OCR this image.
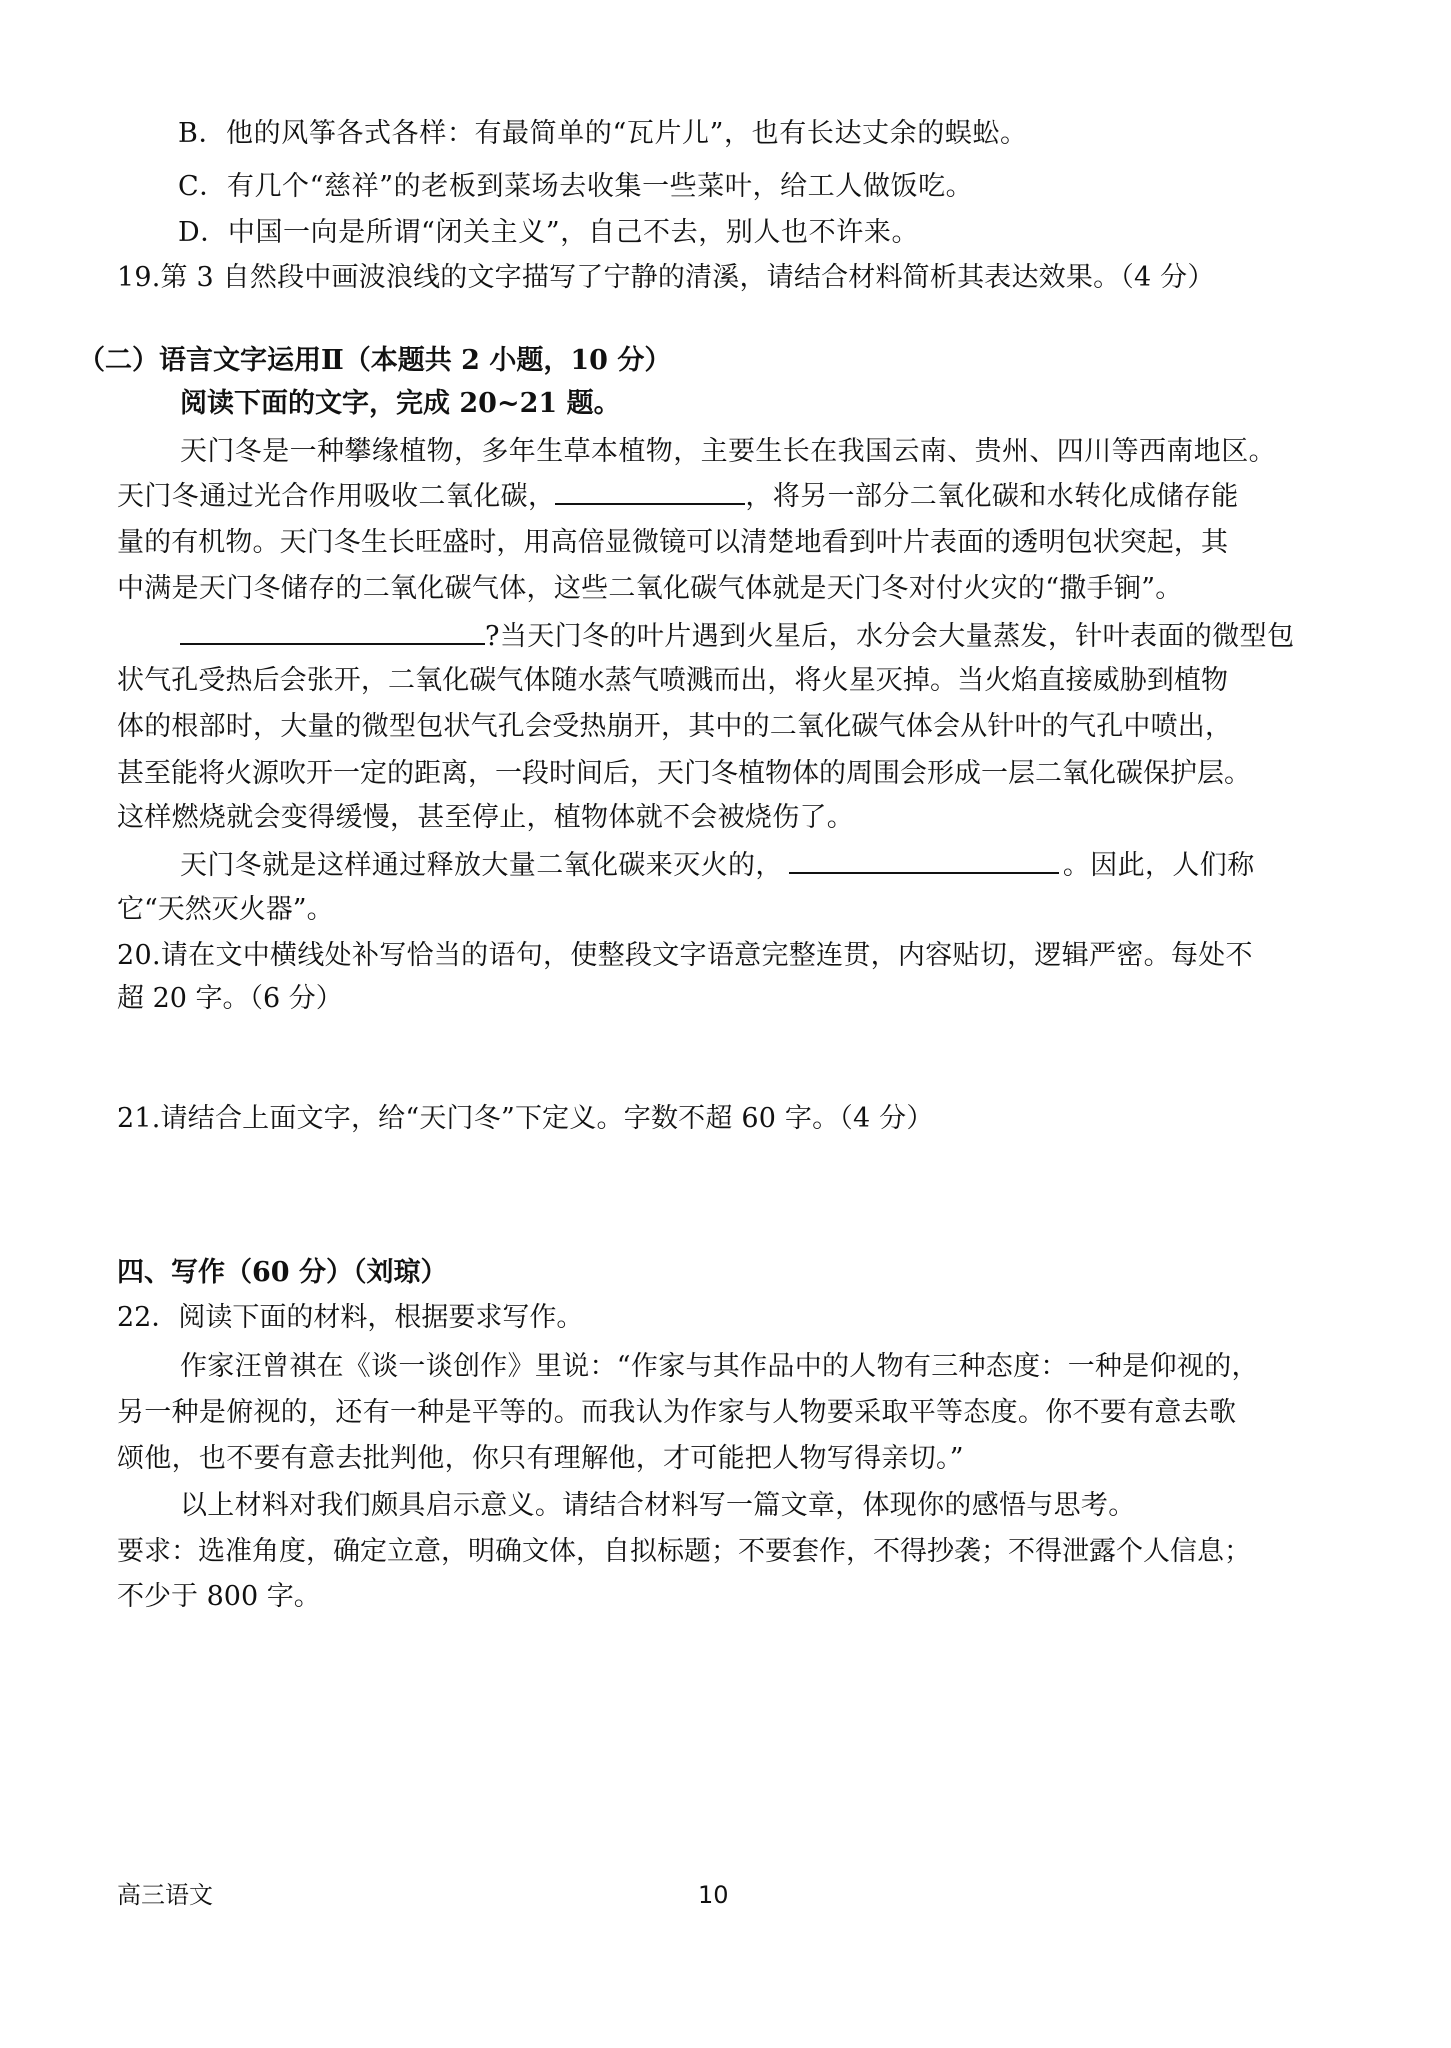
B．他的风筝各式各样：有最简单的“瓦片儿”，也有长达丈余的蜈蚣。
C．有几个“慈祥”的老板到菜场去收集一些菜叶，给工人做饭吃。
D．中国一向是所谓“闭关主义”，自己不去，别人也不许来。
19.第 3 自然段中画波浪线的文字描写了宁静的清溪，请结合材料简析其表达效果。（4 分）
（二）语言文字运用Ⅱ（本题共 2 小题，10 分）
阅读下面的文字，完成 20~21 题。
天门冬是一种攀缘植物，多年生草本植物，主要生长在我国云南、贵州、四川等西南地区。
天门冬通过光合作用吸收二氧化碳，	，将另一部分二氧化碳和水转化成储存能
量的有机物。天门冬生长旺盛时，用高倍显微镜可以清楚地看到叶片表面的透明包状突起，其
中满是天门冬储存的二氧化碳气体，这些二氧化碳气体就是天门冬对付火灾的“撒手锏”。
?当天门冬的叶片遇到火星后，水分会大量蒸发，针叶表面的微型包
状气孔受热后会张开，二氧化碳气体随水蒸气喷溅而出，将火星灭掉。当火焰直接威胁到植物
体的根部时，大量的微型包状气孔会受热崩开，其中的二氧化碳气体会从针叶的气孔中喷出，
甚至能将火源吹开一定的距离，一段时间后，天门冬植物体的周围会形成一层二氧化碳保护层。
这样燃烧就会变得缓慢，甚至停止，植物体就不会被烧伤了。
天门冬就是这样通过释放大量二氧化碳来灭火的，	。因此，人们称
它“天然灭火器”。
20.请在文中横线处补写恰当的语句，使整段文字语意完整连贯，内容贴切，逻辑严密。每处不
超 20 字。（6 分）
21.请结合上面文字，给“天门冬”下定义。字数不超 60 字。（4 分）
四、写作（60 分）（刘琼）
22．阅读下面的材料，根据要求写作。
作家汪曾祺在《谈一谈创作》里说：“作家与其作品中的人物有三种态度：一种是仰视的，
另一种是俯视的，还有一种是平等的。而我认为作家与人物要采取平等态度。你不要有意去歌
颂他，也不要有意去批判他，你只有理解他，才可能把人物写得亲切。”
以上材料对我们颇具启示意义。请结合材料写一篇文章，体现你的感悟与思考。
要求：选准角度，确定立意，明确文体，自拟标题；不要套作，不得抄袭；不得泄露个人信息；
不少于 800 字。
高三语文	10
